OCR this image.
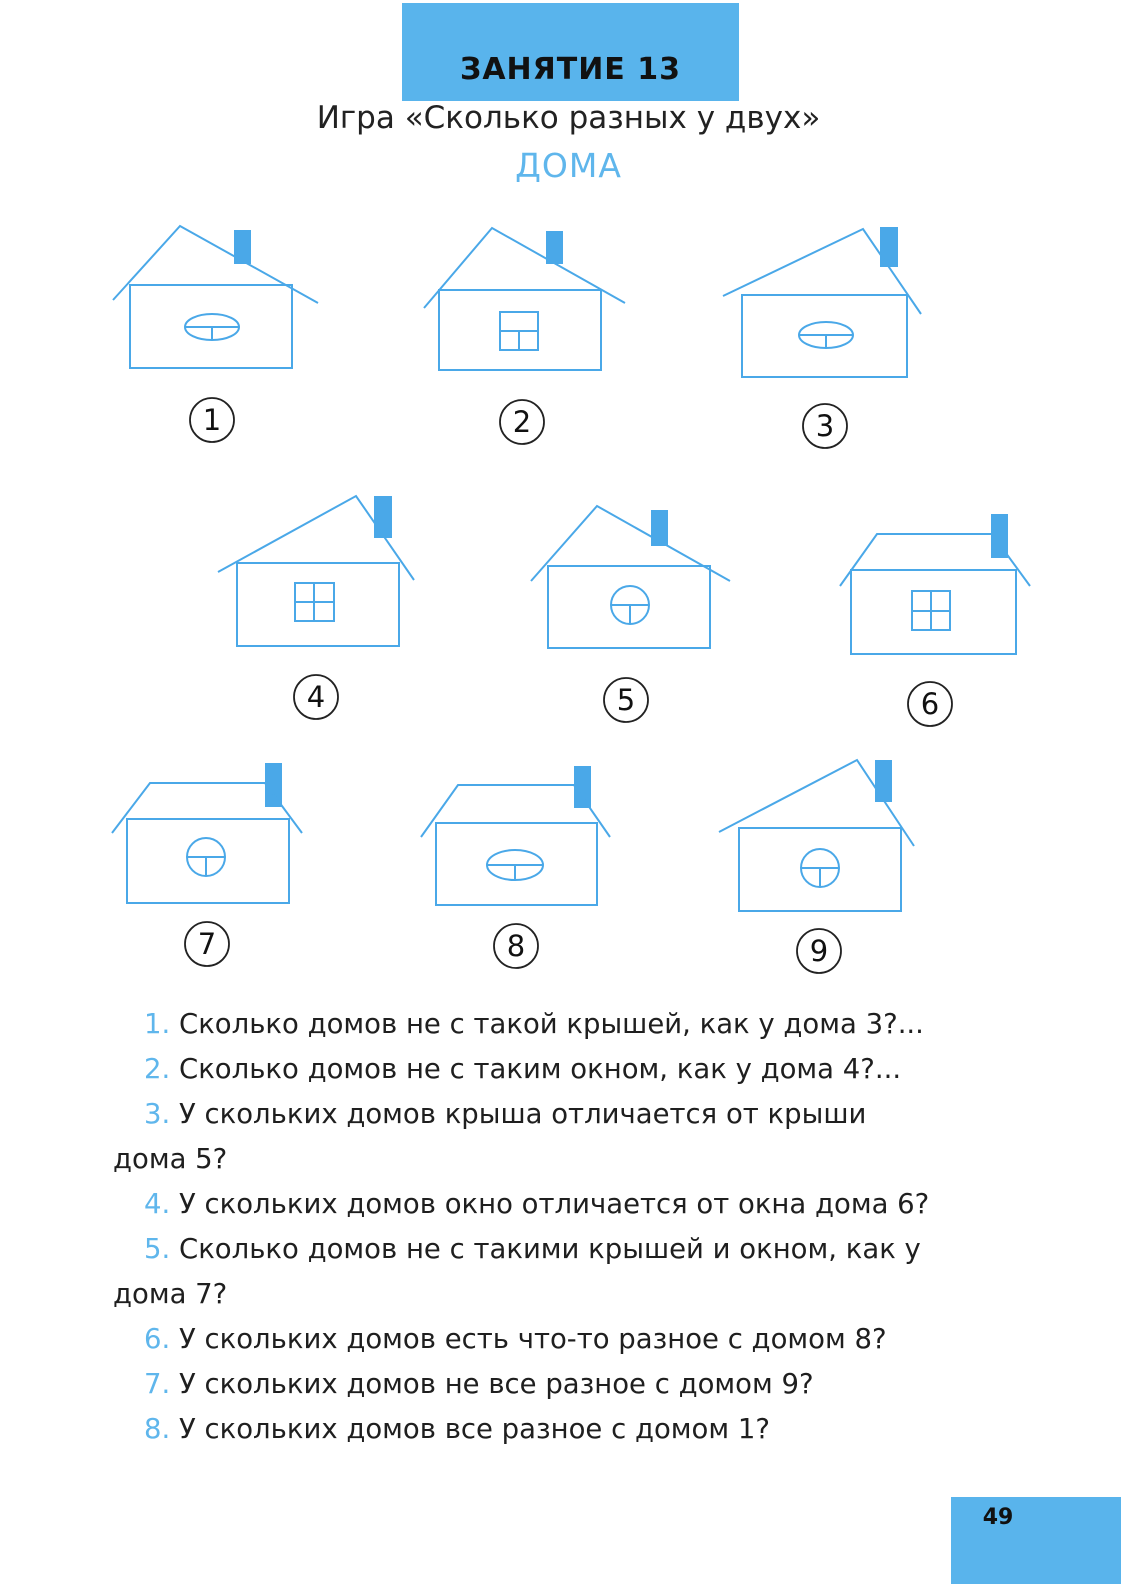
ЗАНЯТИЕ 13
Игра «Сколько разных у двух»
ДОМА
1	2	3
4	5	6
7	8	9

1. Сколько домов не с такой крышей, как у дома 3?...

2. Сколько домов не с таким окном, как у дома 4?...

3. У скольких домов крыша отличается от крыши
дома 5?

4. У скольких домов окно отличается от окна дома 6?

5. Сколько домов не с такими крышей и окном, как у
дома 7?

6. У скольких домов есть что-то разное с домом 8?

7. У скольких домов не все разное с домом 9?

8. У скольких домов все разное с домом 1?

49
